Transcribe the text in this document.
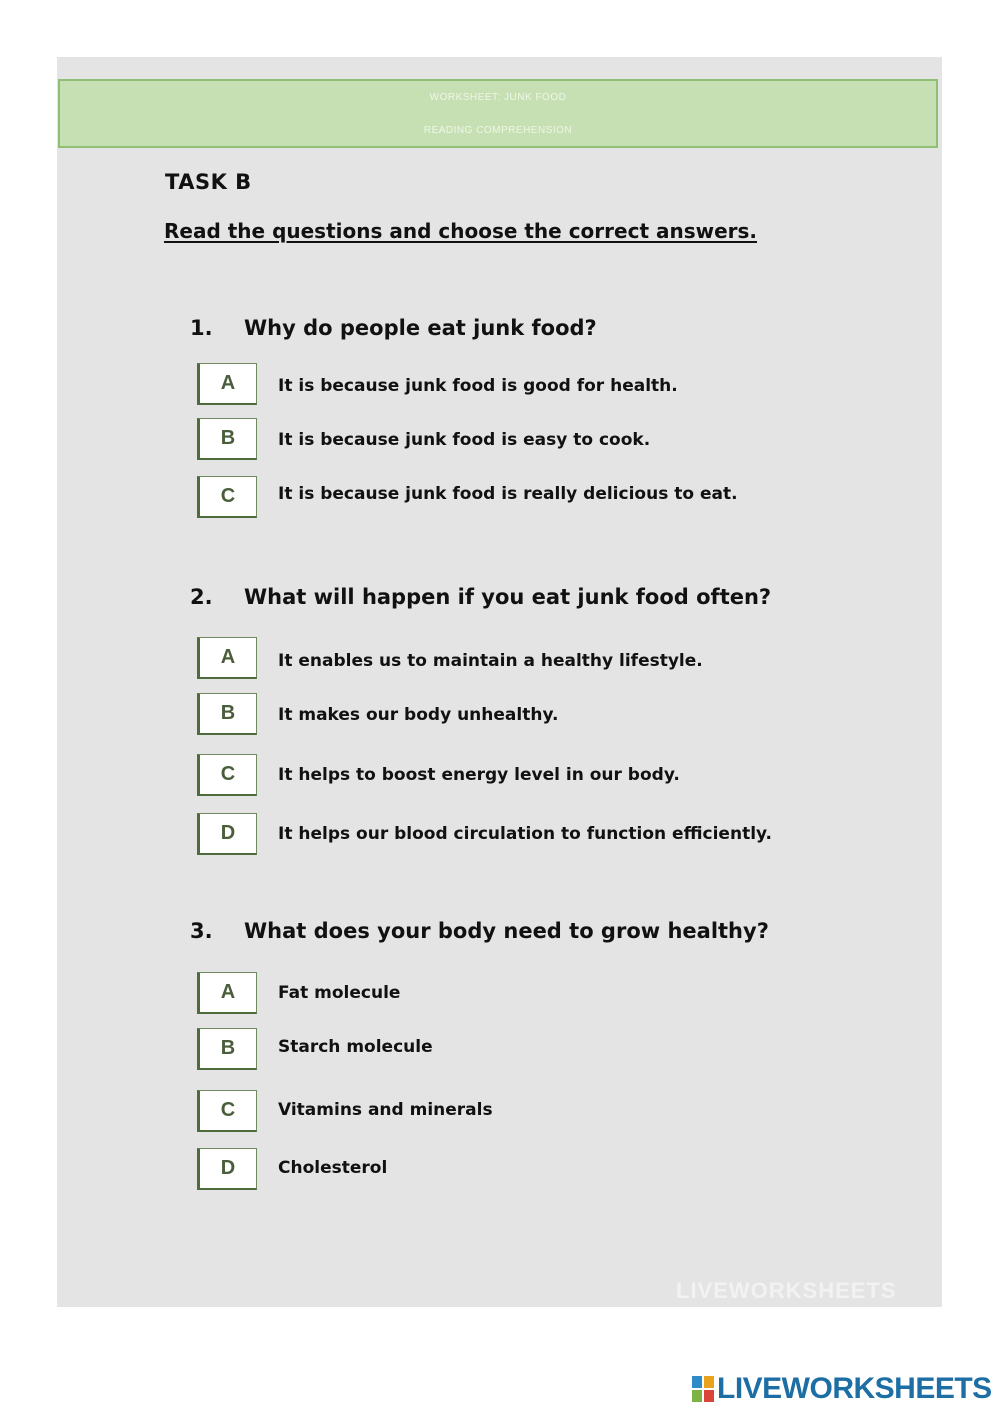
WORKSHEET: JUNK FOOD
READING COMPREHENSION
TASK B
Read the questions and choose the correct answers.
1. Why do people eat junk food?
A	It is because junk food is good for health.
B	It is because junk food is easy to cook.
C	It is because junk food is really delicious to eat.
2. What will happen if you eat junk food often?
A	It enables us to maintain a healthy lifestyle.
B	It makes our body unhealthy.
C	It helps to boost energy level in our body.
D	It helps our blood circulation to function efficiently.
3. What does your body need to grow healthy?
A	Fat molecule
B	Starch molecule
C	Vitamins and minerals
D	Cholesterol
LIVEWORKSHEETS
LIVEWORKSHEETS
